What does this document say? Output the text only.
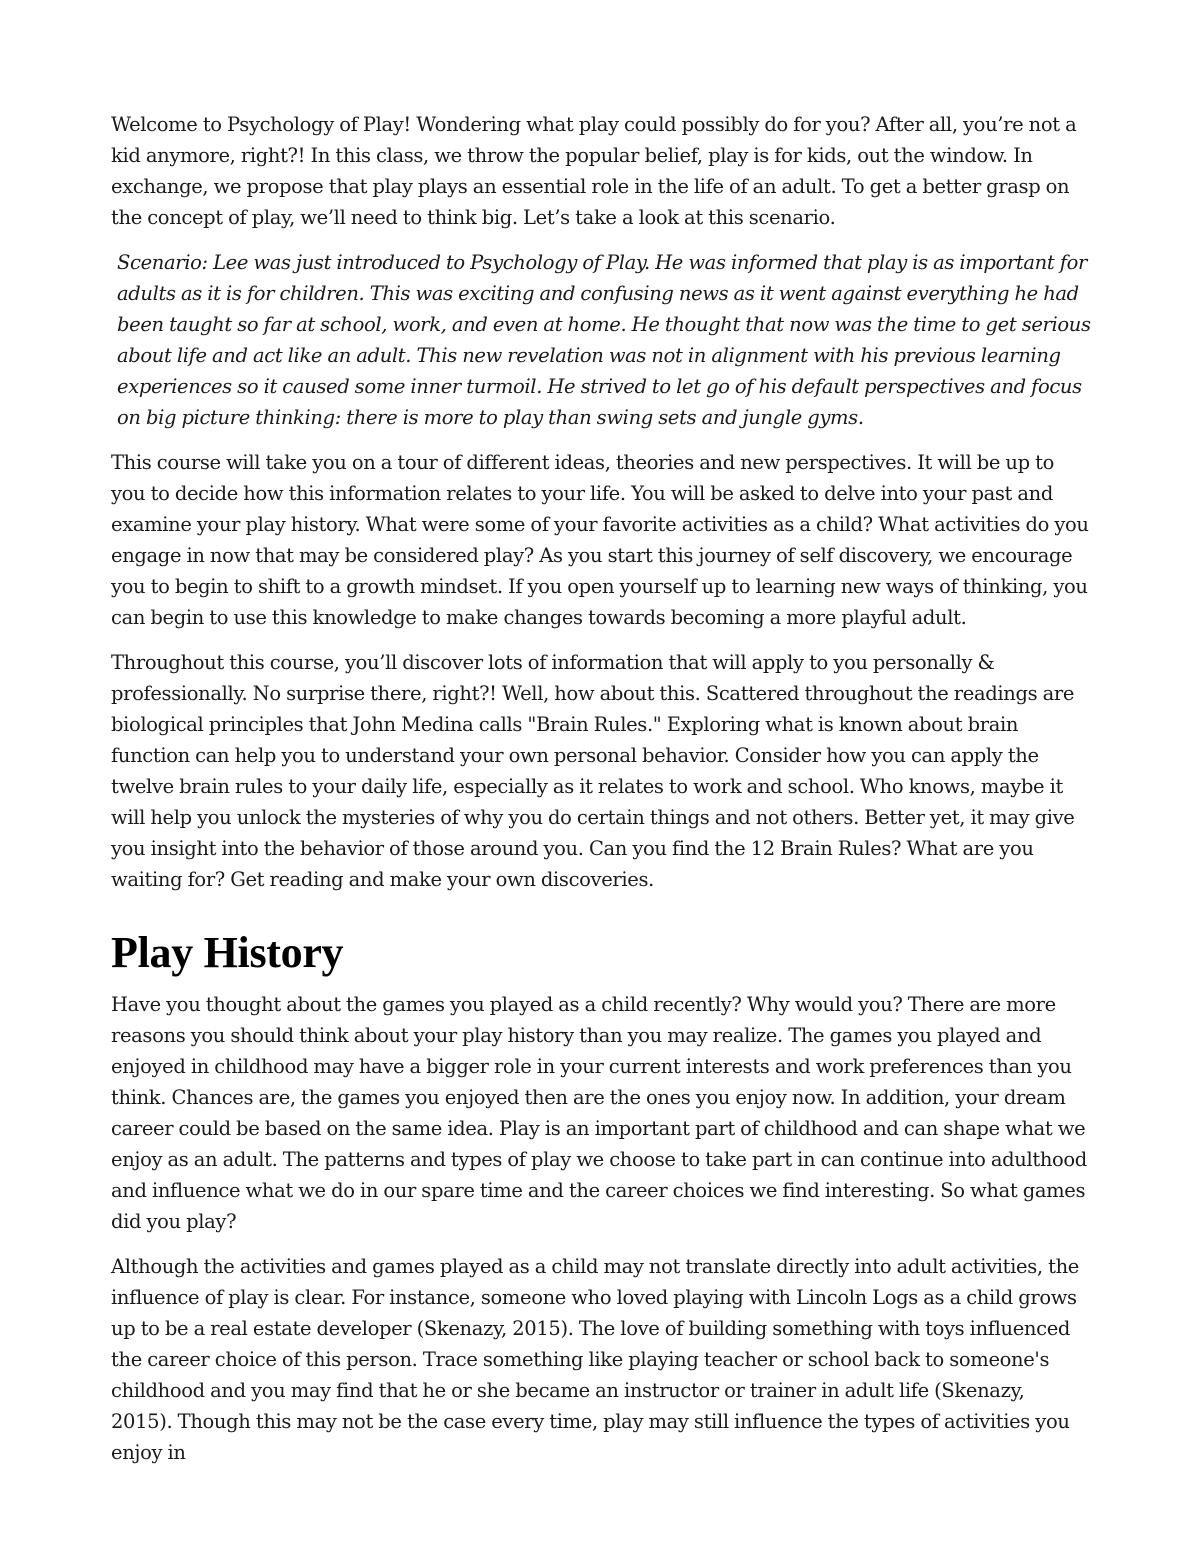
Welcome to Psychology of Play! Wondering what play could possibly do for you? After all, you’re not a kid anymore, right?! In this class, we throw the popular belief, play is for kids, out the window. In exchange, we propose that play plays an essential role in the life of an adult. To get a better grasp on the concept of play, we’ll need to think big. Let’s take a look at this scenario.

Scenario: Lee was just introduced to Psychology of Play. He was informed that play is as important for adults as it is for children. This was exciting and confusing news as it went against everything he had been taught so far at school, work, and even at home. He thought that now was the time to get serious about life and act like an adult. This new revelation was not in alignment with his previous learning experiences so it caused some inner turmoil. He strived to let go of his default perspectives and focus on big picture thinking: there is more to play than swing sets and jungle gyms.

This course will take you on a tour of different ideas, theories and new perspectives. It will be up to you to decide how this information relates to your life. You will be asked to delve into your past and examine your play history. What were some of your favorite activities as a child? What activities do you engage in now that may be considered play? As you start this journey of self discovery, we encourage you to begin to shift to a growth mindset. If you open yourself up to learning new ways of thinking, you can begin to use this knowledge to make changes towards becoming a more playful adult.

Throughout this course, you’ll discover lots of information that will apply to you personally & professionally. No surprise there, right?! Well, how about this. Scattered throughout the readings are biological principles that John Medina calls "Brain Rules." Exploring what is known about brain function can help you to understand your own personal behavior. Consider how you can apply the twelve brain rules to your daily life, especially as it relates to work and school. Who knows, maybe it will help you unlock the mysteries of why you do certain things and not others. Better yet, it may give you insight into the behavior of those around you. Can you find the 12 Brain Rules? What are you waiting for? Get reading and make your own discoveries.

Play History

Have you thought about the games you played as a child recently? Why would you? There are more reasons you should think about your play history than you may realize. The games you played and enjoyed in childhood may have a bigger role in your current interests and work preferences than you think. Chances are, the games you enjoyed then are the ones you enjoy now. In addition, your dream career could be based on the same idea. Play is an important part of childhood and can shape what we enjoy as an adult. The patterns and types of play we choose to take part in can continue into adulthood and influence what we do in our spare time and the career choices we find interesting. So what games did you play?

Although the activities and games played as a child may not translate directly into adult activities, the influence of play is clear. For instance, someone who loved playing with Lincoln Logs as a child grows up to be a real estate developer (Skenazy, 2015). The love of building something with toys influenced the career choice of this person. Trace something like playing teacher or school back to someone's childhood and you may find that he or she became an instructor or trainer in adult life (Skenazy, 2015). Though this may not be the case every time, play may still influence the types of activities you enjoy in
